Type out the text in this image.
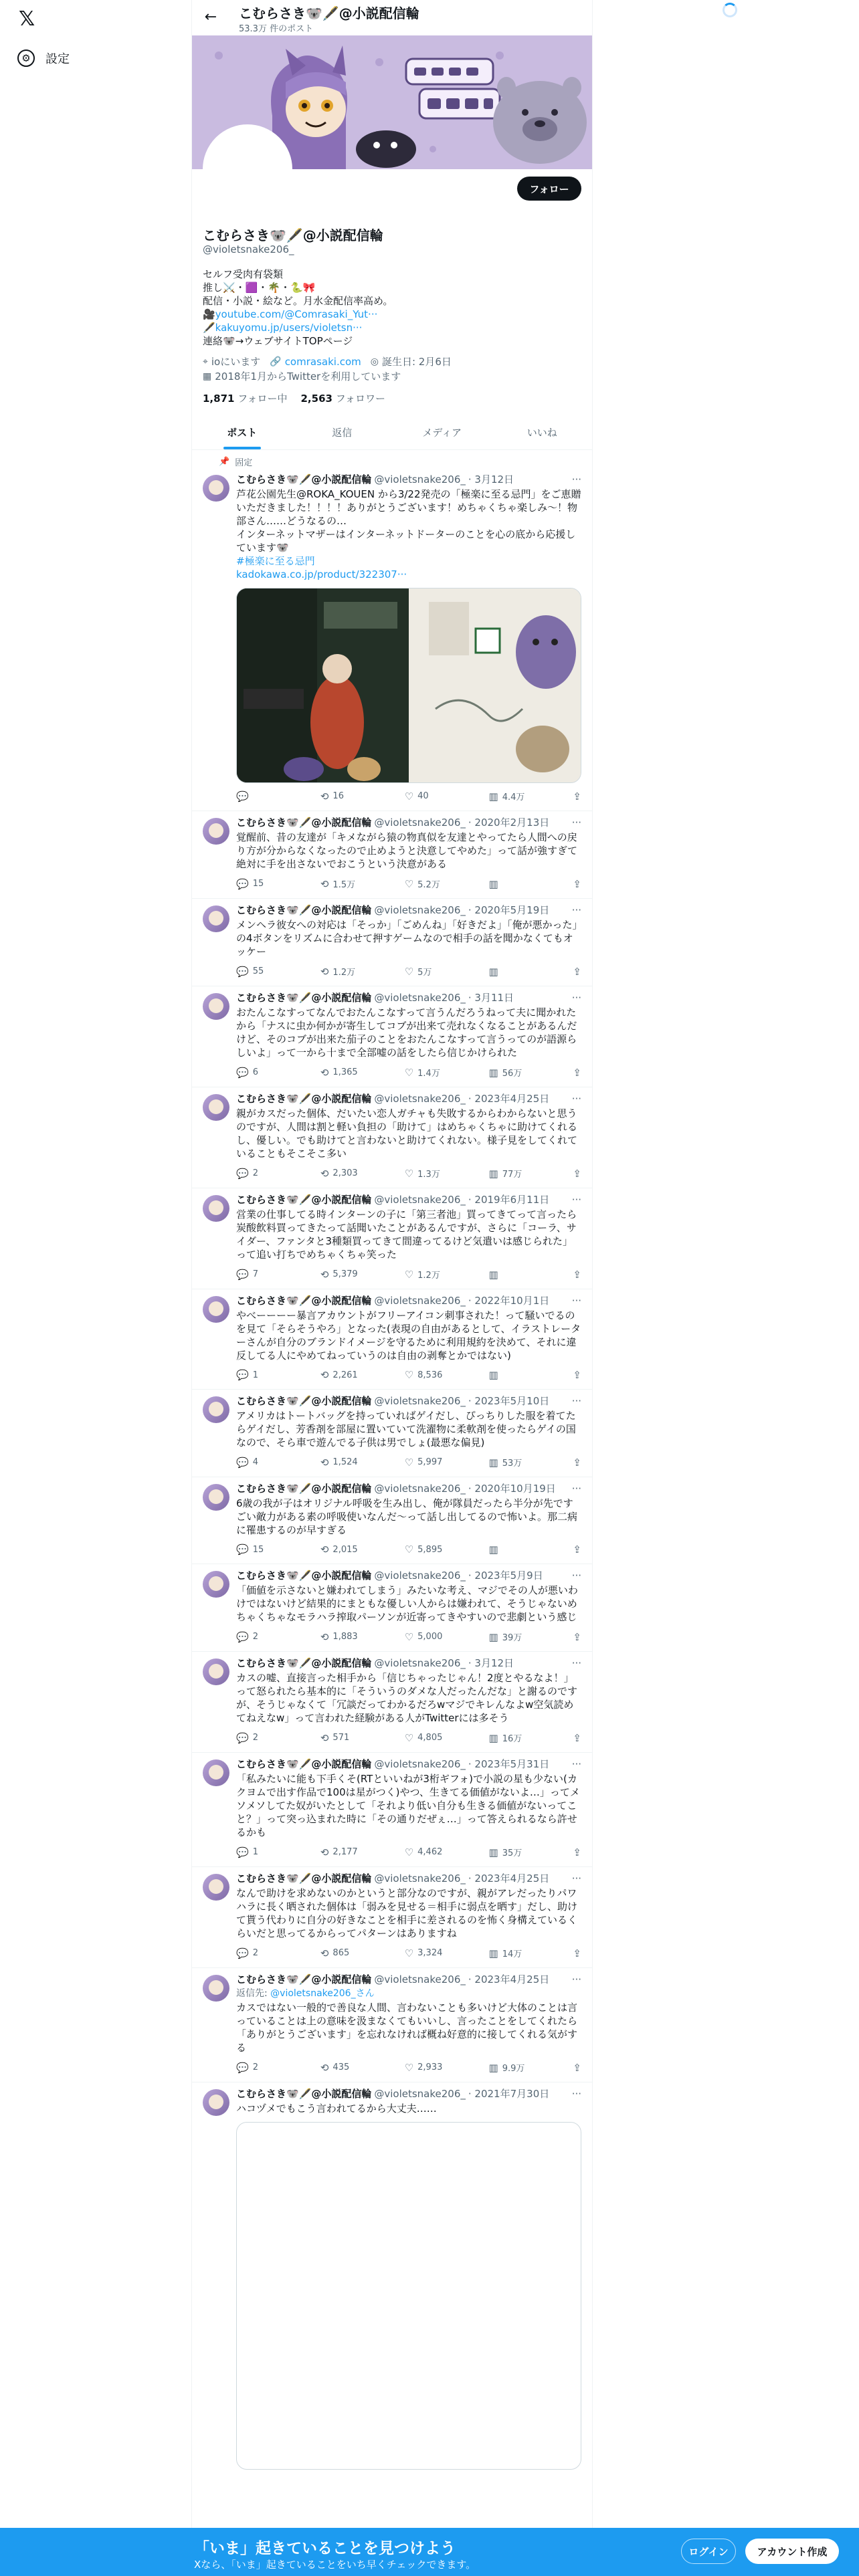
𝕏
⚙	設定
← こむらさき🐨🖋️@小説配信輪
53.3万 件のポスト
フォロー
こむらさき🐨🖋️@小説配信輪
@violetsnake206_
セルフ受肉有袋類
推し⚔️・🟪・🌴・🐍🎀
配信・小説・絵など。月水金配信率高め。
🎥youtube.com/@Comrasaki_Yut···
🖋️kakuyomu.jp/users/violetsn···
連絡🐨→ウェブサイトTOPページ
⌖ ioにいます 🔗 comrasaki.com ◎ 誕生日: 2月6日
▦ 2018年1月からTwitterを利用しています
1,871 フォロー中 2,563 フォロワー
ポスト	返信	メディア	いいね
📌 固定
こむらさき🐨🖋️@小説配信輪 @violetsnake206_ · 3月12日	···
芦花公園先生@ROKA_KOUEN から3/22発売の「極楽に至る忌門」をご恵贈いただきました！！！！ありがとうございます！めちゃくちゃ楽しみ〜！物部さん……どうなるの…
インターネットマザーはインターネットドーターのことを心の底から応援しています🐨
#極楽に至る忌門
kadokawa.co.jp/product/322307···
💬	⟲ 16	♡ 40	▥ 4.4万	⇪
こむらさき🐨🖋️@小説配信輪 @violetsnake206_ · 2020年2月13日 ···
覚醒前、昔の友達が「キメながら猿の物真似を友達とやってたら人間への戻り方が分からなくなったので止めようと決意してやめた」って話が強すぎて絶対に手を出さないでおこうという決意がある
💬 15	⟲ 1.5万	♡ 5.2万	▥	⇪
こむらさき🐨🖋️@小説配信輪 @violetsnake206_ · 2020年5月19日 ···
メンヘラ彼女への対応は「そっか」「ごめんね」「好きだよ」「俺が悪かった」の4ボタンをリズムに合わせて押すゲームなので相手の話を聞かなくてもオッケー
💬 55	⟲ 1.2万	♡ 5万	▥	⇪
こむらさき🐨🖋️@小説配信輪 @violetsnake206_ · 3月11日	···
おたんこなすってなんでおたんこなすって言うんだろうねって夫に聞かれたから「ナスに虫か何かが寄生してコブが出来て売れなくなることがあるんだけど、そのコブが出来た茄子のことをおたんこなすって言うってのが語源らしいよ」って一から十まで全部嘘の話をしたら信じかけられた
💬 6	⟲ 1,365	♡ 1.4万	▥ 56万	⇪
こむらさき🐨🖋️@小説配信輪 @violetsnake206_ · 2023年4月25日 ···
親がカスだった個体、だいたい恋人ガチャも失敗するからわからないと思うのですが、人間は割と軽い負担の「助けて」はめちゃくちゃに助けてくれるし、優しい。でも助けてと言わないと助けてくれない。様子見をしてくれていることもそこそこ多い
💬 2	⟲ 2,303	♡ 1.3万	▥ 77万	⇪
こむらさき🐨🖋️@小説配信輪 @violetsnake206_ · 2019年6月11日 ···
営業の仕事してる時インターンの子に「第三者池」買ってきてって言ったら炭酸飲料買ってきたって話聞いたことがあるんですが、さらに「コーラ、サイダー、ファンタと3種類買ってきて間違ってるけど気遣いは感じられた」って追い打ちでめちゃくちゃ笑った
💬 7	⟲ 5,379	♡ 1.2万	▥	⇪
こむらさき🐨🖋️@小説配信輪 @violetsnake206_ · 2022年10月1日 ···
やべーーーー暴言アカウントがフリーアイコン刺事された！って騒いでるのを見て「そらそうやろ」となった(表現の自由があるとして、イラストレーターさんが自分のブランドイメージを守るために利用規約を決めて、それに違反してる人にやめてねっていうのは自由の剥奪とかではない)
💬 1	⟲ 2,261	♡ 8,536	▥	⇪
こむらさき🐨🖋️@小説配信輪 @violetsnake206_ · 2023年5月10日 ···
アメリカはトートバッグを持っていればゲイだし、ぴっちりした服を着てたらゲイだし、芳香剤を部屋に置いていて洗濯物に柔軟剤を使ったらゲイの国なので、そら車で遊んでる子供は男でしょ(最悪な偏見)
💬 4	⟲ 1,524	♡ 5,997	▥ 53万	⇪
こむらさき🐨🖋️@小説配信輪 @violetsnake206_ · 2020年10月19日 ···
6歳の我が子はオリジナル呼吸を生み出し、俺が隊員だったら半分が先です ごい敵力がある素の呼吸使いなんだ〜って話し出してるので怖いよ。那二病に罹患するのが早すぎる
💬 15	⟲ 2,015	♡ 5,895	▥	⇪
こむらさき🐨🖋️@小説配信輪 @violetsnake206_ · 2023年5月9日	···
「価値を示さないと嫌われてしまう」みたいな考え、マジでその人が悪いわけではないけど結果的にまともな優しい人からは嫌われて、そうじゃないめちゃくちゃなモラハラ搾取パーソンが近寄ってきやすいので悲劇という感じ
💬 2	⟲ 1,883	♡ 5,000	▥ 39万	⇪
こむらさき🐨🖋️@小説配信輪 @violetsnake206_ · 3月12日	···
カスの嘘、直接言った相手から「信じちゃったじゃん！2度とやるなよ！」って怒られたら基本的に「そういうのダメな人だったんだな」と謝るのですが、そうじゃなくて「冗談だってわかるだろwマジでキレんなよw空気読めてねえなw」って言われた経験がある人がTwitterには多そう
💬 2	⟲ 571	♡ 4,805	▥ 16万	⇪
こむらさき🐨🖋️@小説配信輪 @violetsnake206_ · 2023年5月31日 ···
「私みたいに能も下手くそ(RTといいねが3桁ギフォ)で小説の星も少ない(カクヨムで出す作品で100は星がつく)やつ、生きてる価値がないよ…」ってメソメソしてた奴がいたとして「それより低い自分も生きる価値がないってこと？」って突っ込まれた時に「その通りだぜぇ…」って答えられるなら許せるかも
💬 1	⟲ 2,177	♡ 4,462	▥ 35万	⇪
こむらさき🐨🖋️@小説配信輪 @violetsnake206_ · 2023年4月25日 ···
なんで助けを求めないのかというと部分なのですが、親がアレだったりパワハラに長く晒された個体は「弱みを見せる＝相手に弱点を晒す」だし、助けて貰う代わりに自分の好きなことを相手に差されるのを怖く身構えているくらいだと思ってるからってパターンはありますね
💬 2	⟲ 865	♡ 3,324	▥ 14万	⇪
こむらさき🐨🖋️@小説配信輪 @violetsnake206_ · 2023年4月25日 ···
返信先: @violetsnake206_さん
カスではない一般的で善良な人間、言わないことも多いけど大体のことは言っていることは上の意味を汲まなくてもいいし、言ったことをしてくれたら「ありがとうございます」を忘れなければ概ね好意的に接してくれる気がする
💬 2	⟲ 435	♡ 2,933	▥ 9.9万	⇪
こむらさき🐨🖋️@小説配信輪 @violetsnake206_ · 2021年7月30日 ···
ハコヅメでもこう言われてるから大丈夫……
「いま」起きていることを見つけよう
Xなら、「いま」起きていることをいち早くチェックできます。
ログイン	アカウント作成
